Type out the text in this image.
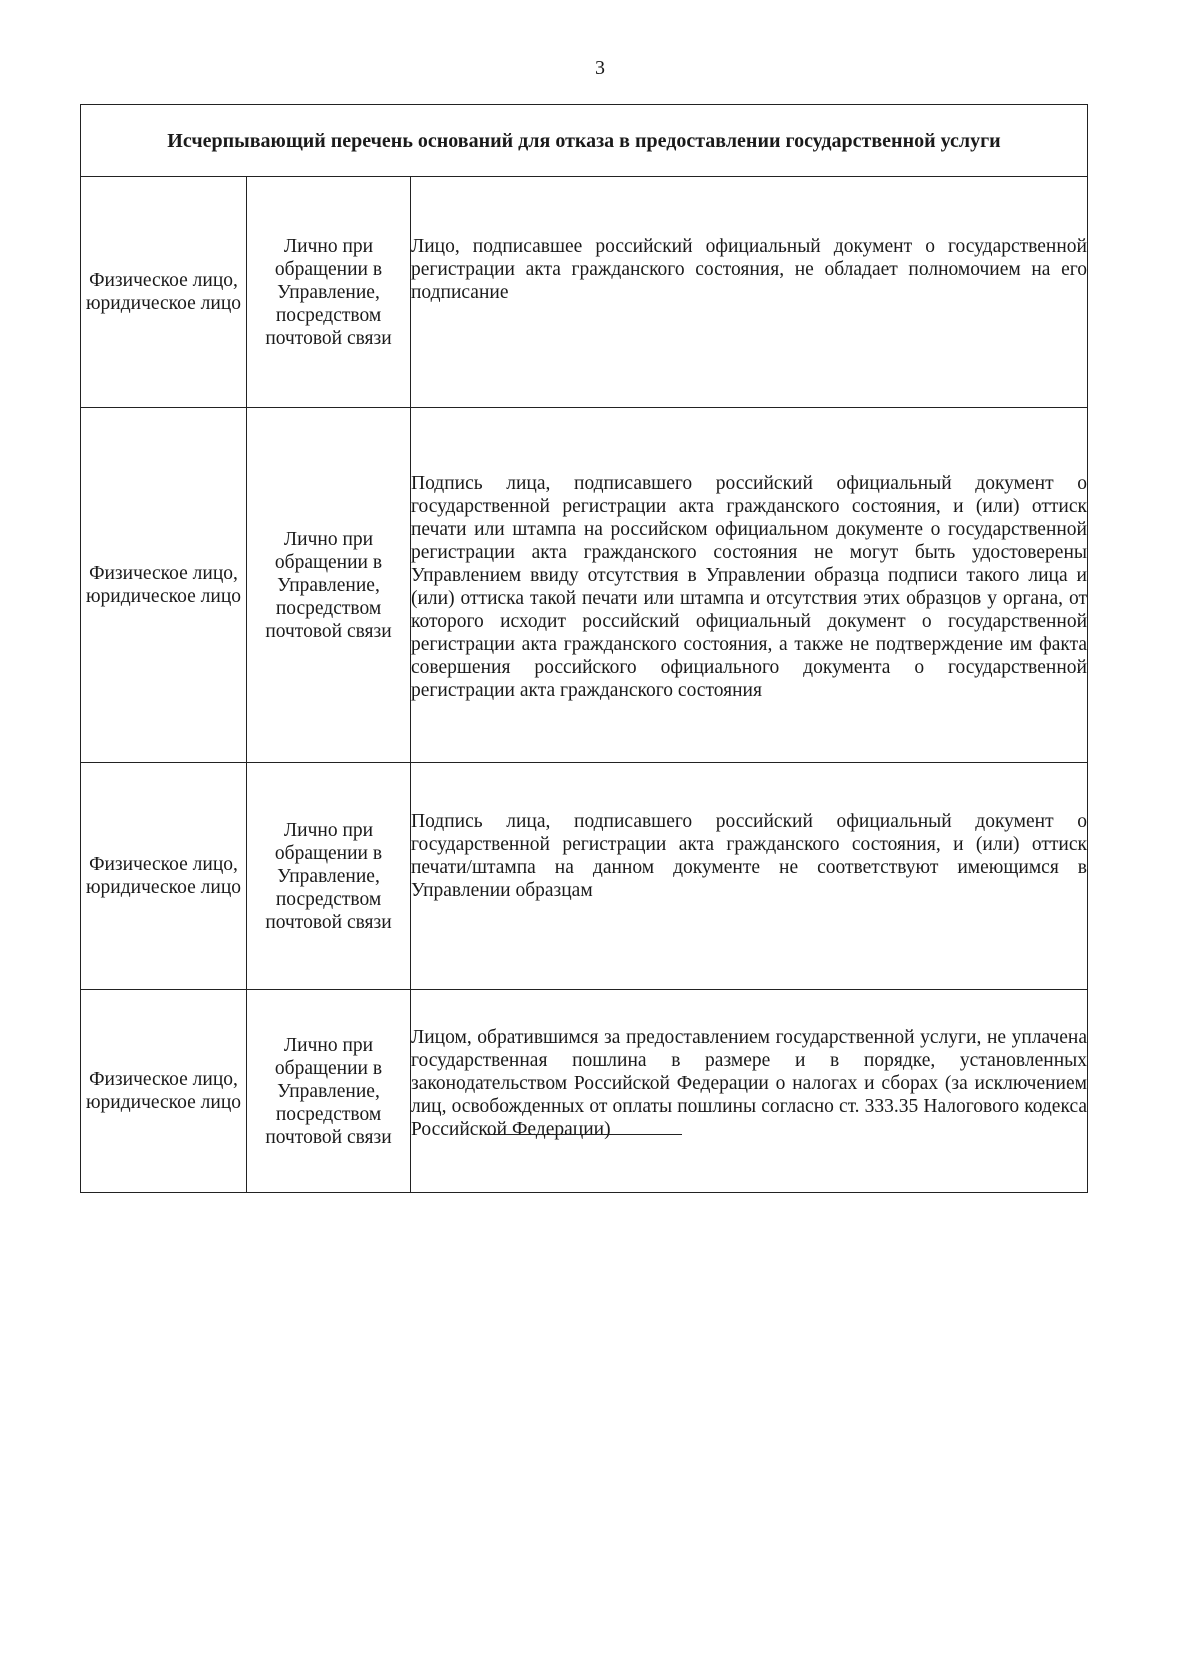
3
Исчерпывающий перечень оснований для отказа в предоставлении государственной услуги		
Физическое лицо, юридическое лицо	Лично при обращении в Управление, посредством почтовой связи	Лицо, подписавшее российский официальный документ о государственной регистрации акта гражданского состояния, не обладает полномочием на его подписание
Физическое лицо, юридическое лицо	Лично при обращении в Управление, посредством почтовой связи	Подпись лица, подписавшего российский официальный документ о государственной регистрации акта гражданского состояния, и (или) оттиск печати или штампа на российском официальном документе о государственной регистрации акта гражданского состояния не могут быть удостоверены Управлением ввиду отсутствия в Управлении образца подписи такого лица и (или) оттиска такой печати или штампа и отсутствия этих образцов у органа, от которого исходит российский официальный документ о государственной регистрации акта гражданского состояния, а также не подтверждение им факта совершения российского официального документа о государственной регистрации акта гражданского состояния
Физическое лицо, юридическое лицо	Лично при обращении в Управление, посредством почтовой связи	Подпись лица, подписавшего российский официальный документ о государственной регистрации акта гражданского состояния, и (или) оттиск печати/штампа на данном документе не соответствуют имеющимся в Управлении образцам
Физическое лицо, юридическое лицо	Лично при обращении в Управление, посредством почтовой связи	Лицом, обратившимся за предоставлением государственной услуги, не уплачена государственная пошлина в размере и в порядке, установленных законодательством Российской Федерации о налогах и сборах (за исключением лиц, освобожденных от оплаты пошлины согласно ст. 333.35 Налогового кодекса Российской Федерации)
